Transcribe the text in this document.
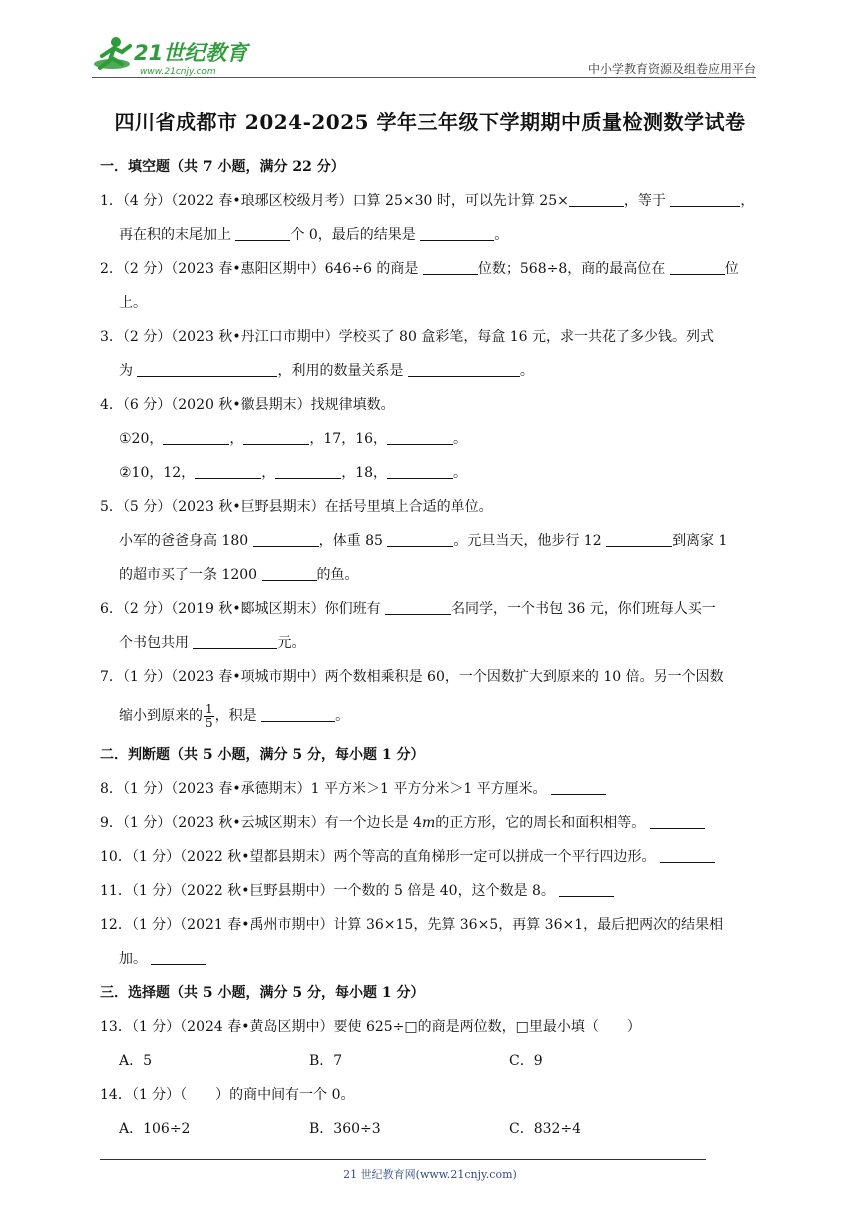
21世纪教育
www.21cnjy.com	中小学教育资源及组卷应用平台
四川省成都市 2024-2025 学年三年级下学期期中质量检测数学试卷
一．填空题（共 7 小题，满分 22 分）
1．（4 分）（2022 春•琅琊区校级月考）口算 25×30 时，可以先计算 25×	，等于	，
再在积的末尾加上	个 0，最后的结果是	。
2．（2 分）（2023 春•惠阳区期中）646÷6 的商是	位数；568÷8，商的最高位在	位
上。
3．（2 分）（2023 秋•丹江口市期中）学校买了 80 盒彩笔，每盒 16 元，求一共花了多少钱。列式
为	，利用的数量关系是	。
4．（6 分）（2020 秋•徽县期末）找规律填数。
①20，	，	，17，16，	。
②10，12，	，	，18，	。
5．（5 分）（2023 秋•巨野县期末）在括号里填上合适的单位。
小军的爸爸身高 180	，体重 85	。元旦当天，他步行 12	到离家 1
的超市买了一条 1200	的鱼。
6．（2 分）（2019 秋•郾城区期末）你们班有	名同学，一个书包 36 元，你们班每人买一
个书包共用	元。
7．（1 分）（2023 春•项城市期中）两个数相乘积是 60，一个因数扩大到原来的 10 倍。另一个因数
缩小到原来的 $\frac{1}{5}$ ，积是	。
二．判断题（共 5 小题，满分 5 分，每小题 1 分）
8．（1 分）（2023 春•承德期末）1 平方米＞1 平方分米＞1 平方厘米。
9．（1 分）（2023 秋•云城区期末）有一个边长是 4m的正方形，它的周长和面积相等。
10．（1 分）（2022 秋•望都县期末）两个等高的直角梯形一定可以拼成一个平行四边形。
11．（1 分）（2022 秋•巨野县期中）一个数的 5 倍是 40，这个数是 8。
12．（1 分）（2021 春•禹州市期中）计算 36×15，先算 36×5，再算 36×1，最后把两次的结果相
加。
三．选择题（共 5 小题，满分 5 分，每小题 1 分）
13．（1 分）（2024 春•黄岛区期中）要使 625÷□的商是两位数，□里最小填（　　）
A．5	B．7	C．9
14．（1 分）（　　）的商中间有一个 0。
A．106÷2	B．360÷3	C．832÷4
21 世纪教育网(www.21cnjy.com)
